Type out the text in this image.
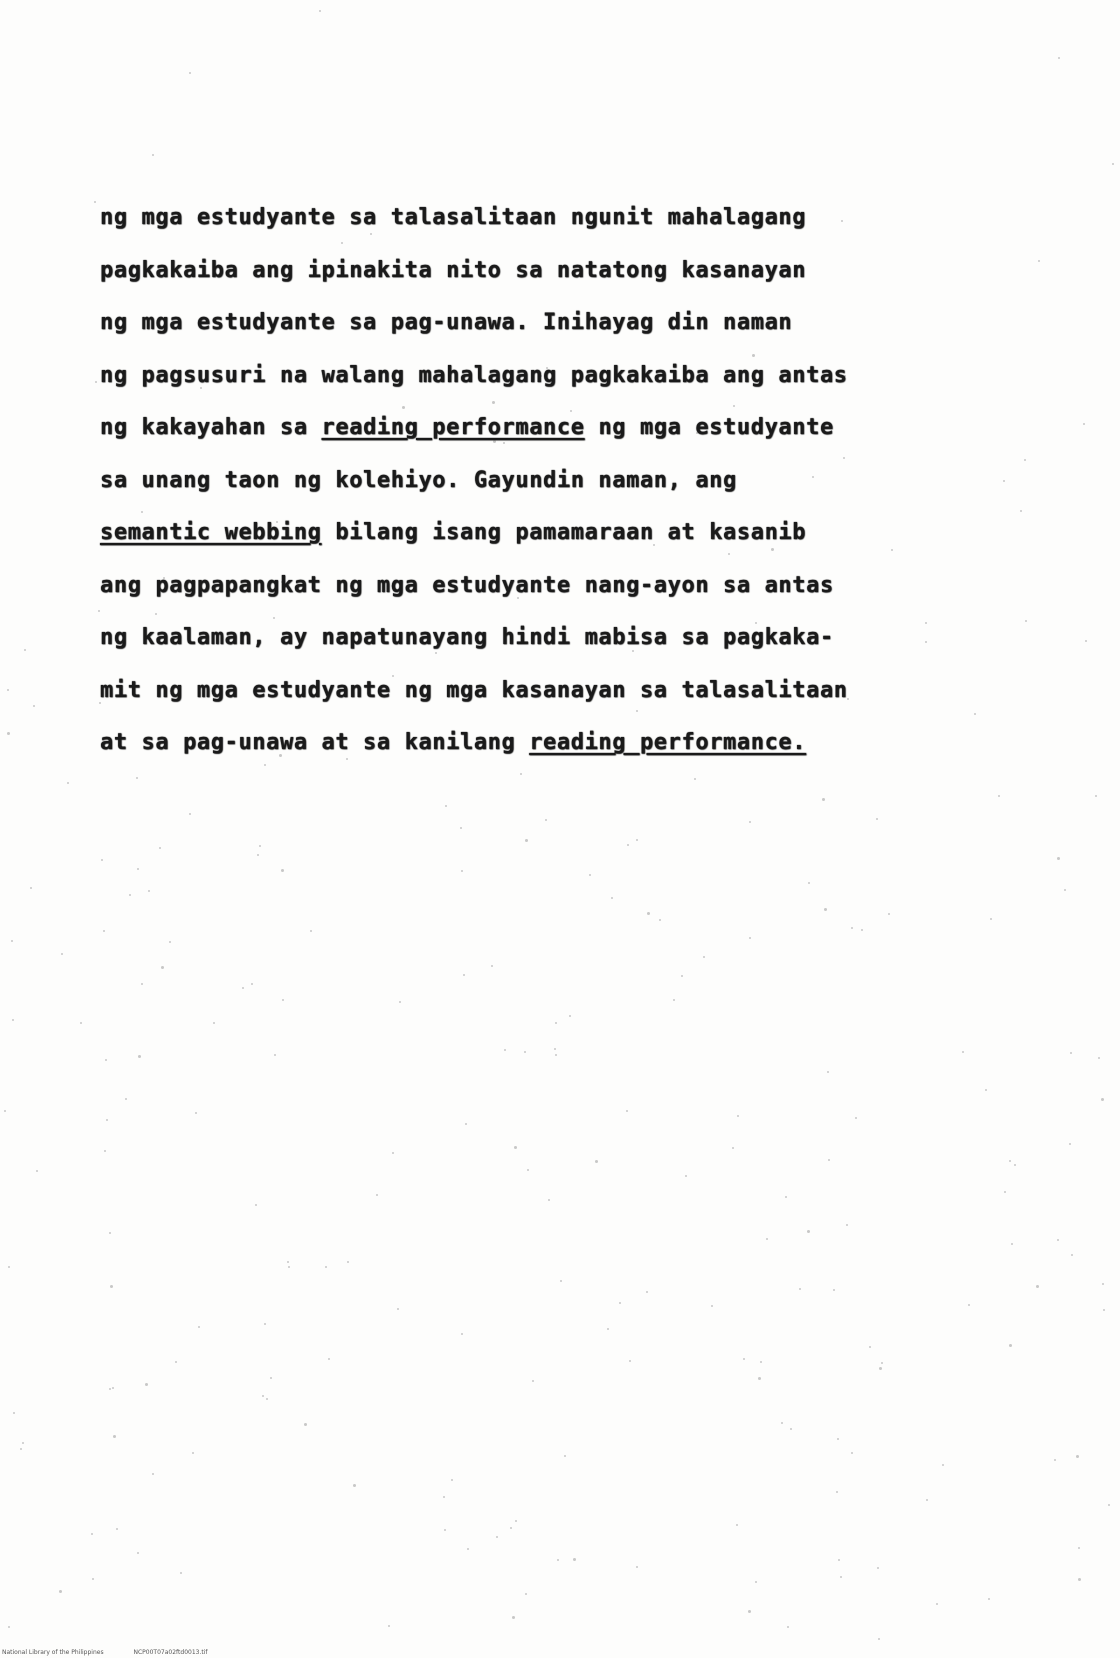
ng mga estudyante sa talasalitaan ngunit mahalagang
pagkakaiba ang ipinakita nito sa natatong kasanayan
ng mga estudyante sa pag-unawa. Inihayag din naman
ng pagsusuri na walang mahalagang pagkakaiba ang antas
ng kakayahan sa reading performance ng mga estudyante
sa unang taon ng kolehiyo. Gayundin naman, ang
semantic webbing bilang isang pamamaraan at kasanib
ang pagpapangkat ng mga estudyante nang-ayon sa antas
ng kaalaman, ay napatunayang hindi mabisa sa pagkaka-
mit ng mga estudyante ng mga kasanayan sa talasalitaan
at sa pag-unawa at sa kanilang reading performance.
National Library of the Philippines	NCP00T07a02ftd0013.tif
